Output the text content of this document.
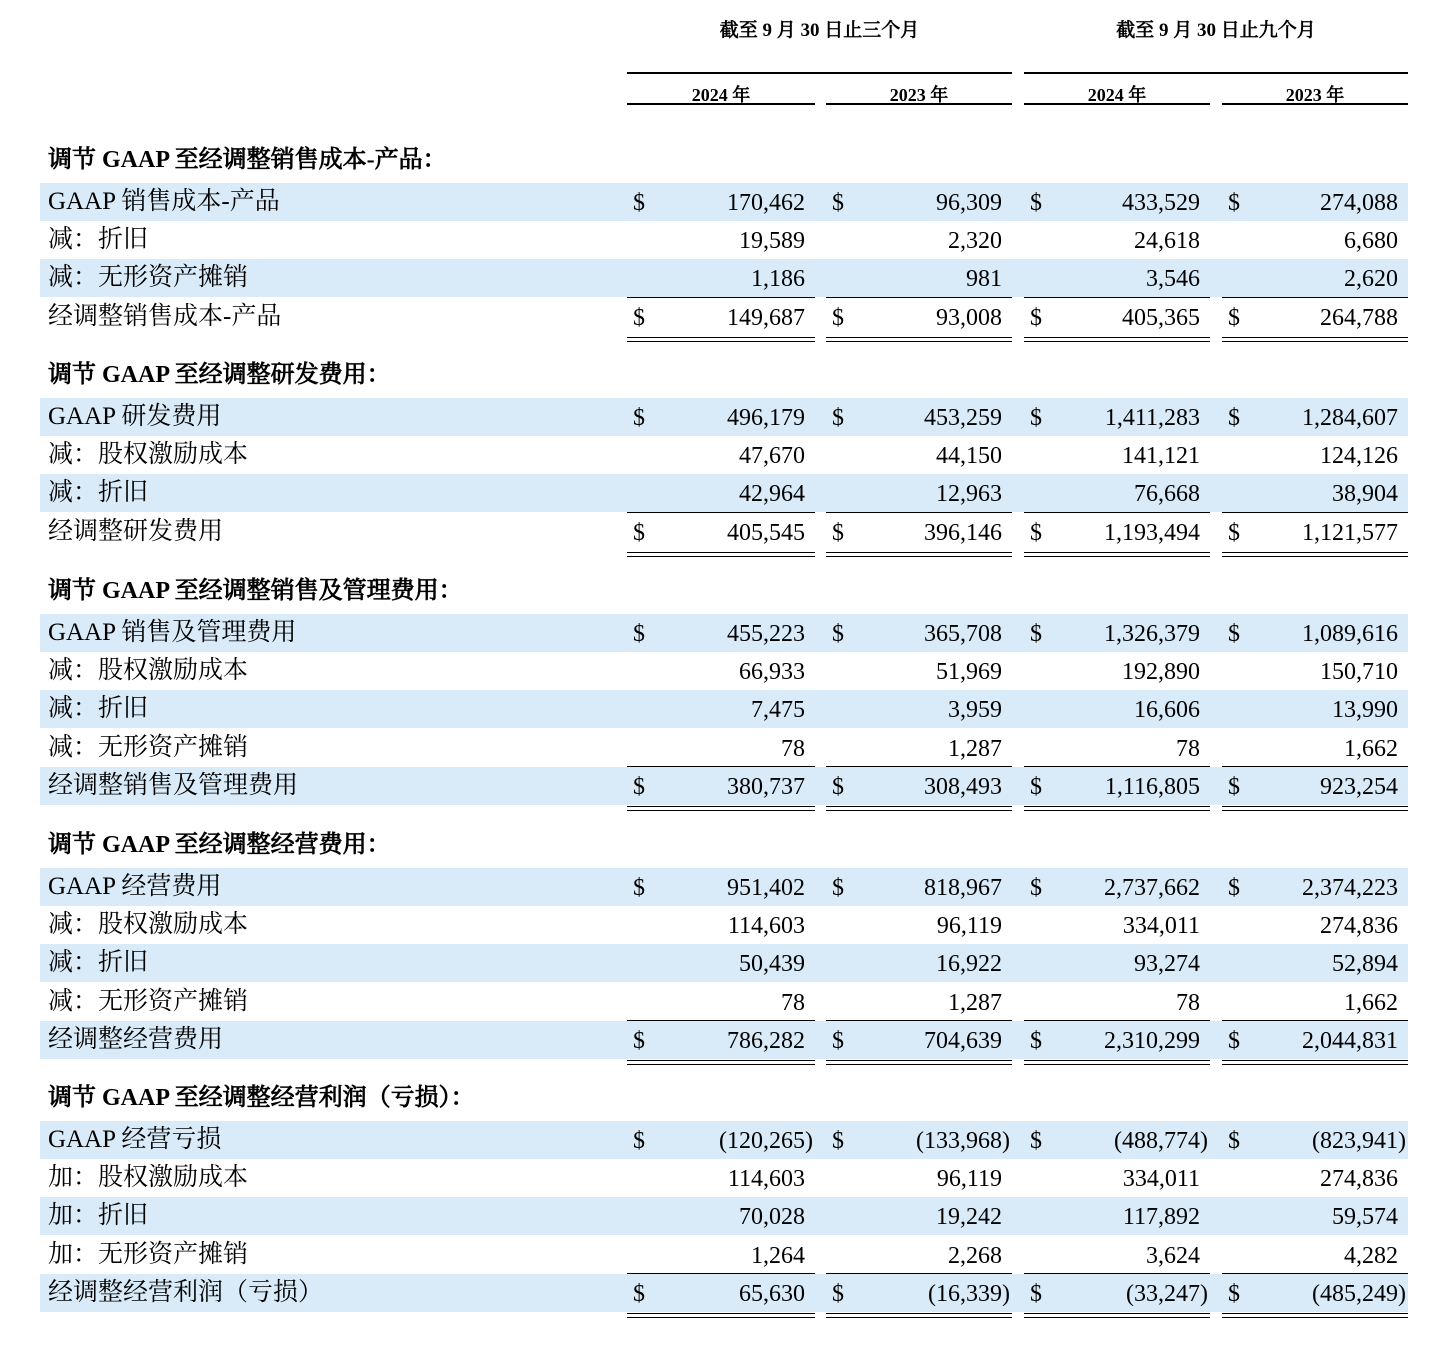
截至 9 月 30 日止三个月	截至 9 月 30 日止九个月
2024 年	2023 年	2024 年	2023 年
调节 GAAP 至经调整销售成本-产品：
GAAP 销售成本-产品	$	170,462 $	96,309 $	433,529 $	274,088
减：折旧	19,589	2,320	24,618	6,680
减：无形资产摊销	1,186	981	3,546	2,620
经调整销售成本-产品	$	149,687 $	93,008 $	405,365 $	264,788
调节 GAAP 至经调整研发费用：
GAAP 研发费用	$	496,179 $	453,259 $	1,411,283 $	1,284,607
减：股权激励成本	47,670	44,150	141,121	124,126
减：折旧	42,964	12,963	76,668	38,904
经调整研发费用	$	405,545 $	396,146 $	1,193,494 $	1,121,577
调节 GAAP 至经调整销售及管理费用：
GAAP 销售及管理费用	$	455,223 $	365,708 $	1,326,379 $	1,089,616
减：股权激励成本	66,933	51,969	192,890	150,710
减：折旧	7,475	3,959	16,606	13,990
减：无形资产摊销	78	1,287	78	1,662
经调整销售及管理费用	$	380,737 $	308,493 $	1,116,805 $	923,254
调节 GAAP 至经调整经营费用：
GAAP 经营费用	$	951,402 $	818,967 $	2,737,662 $	2,374,223
减：股权激励成本	114,603	96,119	334,011	274,836
减：折旧	50,439	16,922	93,274	52,894
减：无形资产摊销	78	1,287	78	1,662
经调整经营费用	$	786,282 $	704,639 $	2,310,299 $	2,044,831
调节 GAAP 至经调整经营利润（亏损）：
GAAP 经营亏损	$	(120,265) $	(133,968) $	(488,774) $	(823,941)
加：股权激励成本	114,603	96,119	334,011	274,836
加：折旧	70,028	19,242	117,892	59,574
加：无形资产摊销	1,264	2,268	3,624	4,282
经调整经营利润（亏损）	$	65,630 $	(16,339) $	(33,247) $	(485,249)
